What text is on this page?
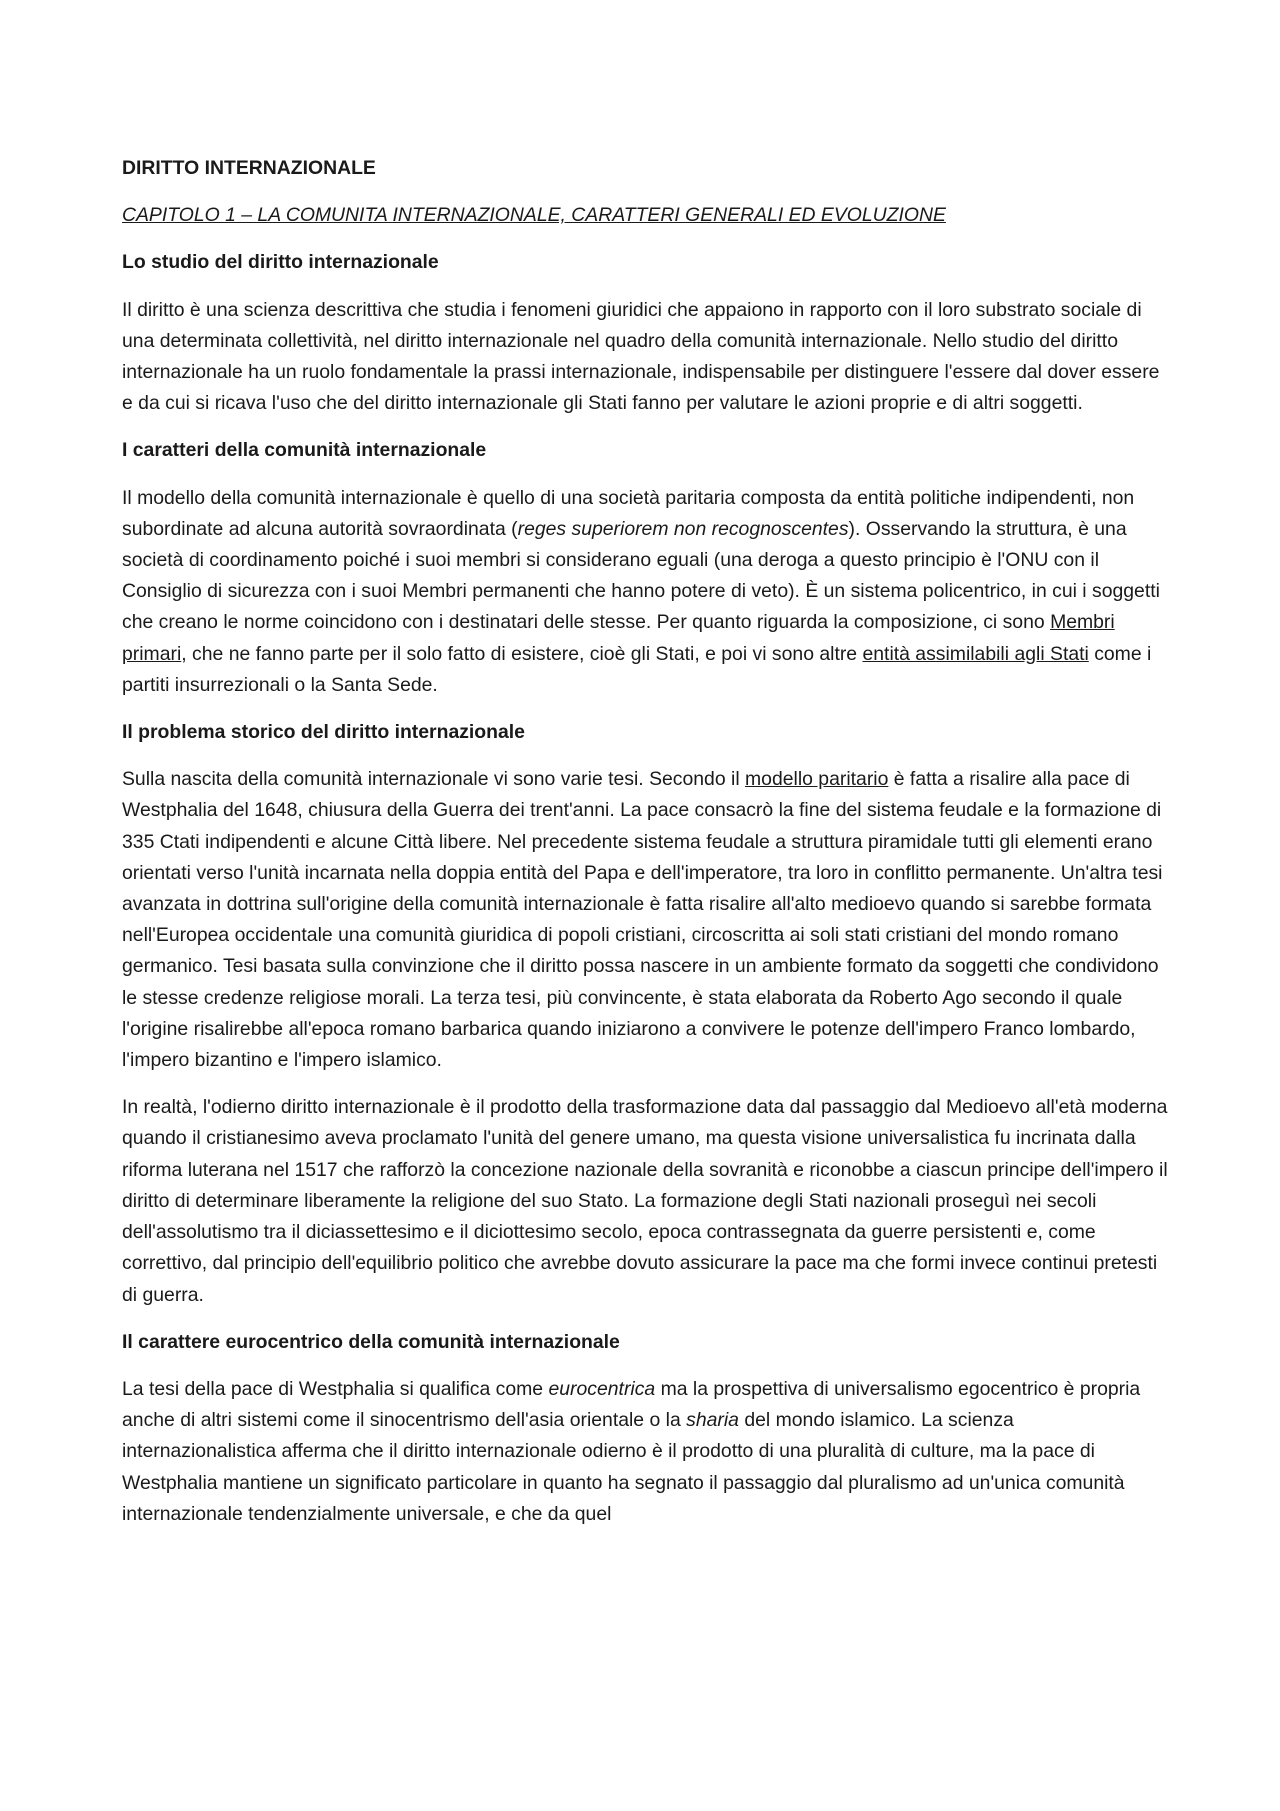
DIRITTO INTERNAZIONALE
CAPITOLO 1 – LA COMUNITA INTERNAZIONALE, CARATTERI GENERALI ED EVOLUZIONE
Lo studio del diritto internazionale

Il diritto è una scienza descrittiva che studia i fenomeni giuridici che appaiono in rapporto con il loro substrato sociale di una determinata collettività, nel diritto internazionale nel quadro della comunità internazionale. Nello studio del diritto internazionale ha un ruolo fondamentale la prassi internazionale, indispensabile per distinguere l'essere dal dover essere e da cui si ricava l'uso che del diritto internazionale gli Stati fanno per valutare le azioni proprie e di altri soggetti.

I caratteri della comunità internazionale

Il modello della comunità internazionale è quello di una società paritaria composta da entità politiche indipendenti, non subordinate ad alcuna autorità sovraordinata (reges superiorem non recognoscentes). Osservando la struttura, è una società di coordinamento poiché i suoi membri si considerano eguali (una deroga a questo principio è l'ONU con il Consiglio di sicurezza con i suoi Membri permanenti che hanno potere di veto). È un sistema policentrico, in cui i soggetti che creano le norme coincidono con i destinatari delle stesse. Per quanto riguarda la composizione, ci sono Membri primari, che ne fanno parte per il solo fatto di esistere, cioè gli Stati, e poi vi sono altre entità assimilabili agli Stati come i partiti insurrezionali o la Santa Sede.

Il problema storico del diritto internazionale

Sulla nascita della comunità internazionale vi sono varie tesi. Secondo il modello paritario è fatta a risalire alla pace di Westphalia del 1648, chiusura della Guerra dei trent'anni. La pace consacrò la fine del sistema feudale e la formazione di 335 Ctati indipendenti e alcune Città libere. Nel precedente sistema feudale a struttura piramidale tutti gli elementi erano orientati verso l'unità incarnata nella doppia entità del Papa e dell'imperatore, tra loro in conflitto permanente. Un'altra tesi avanzata in dottrina sull'origine della comunità internazionale è fatta risalire all'alto medioevo quando si sarebbe formata nell'Europea occidentale una comunità giuridica di popoli cristiani, circoscritta ai soli stati cristiani del mondo romano germanico. Tesi basata sulla convinzione che il diritto possa nascere in un ambiente formato da soggetti che condividono le stesse credenze religiose morali. La terza tesi, più convincente, è stata elaborata da Roberto Ago secondo il quale l'origine risalirebbe all'epoca romano barbarica quando iniziarono a convivere le potenze dell'impero Franco lombardo, l'impero bizantino e l'impero islamico.

In realtà, l'odierno diritto internazionale è il prodotto della trasformazione data dal passaggio dal Medioevo all'età moderna quando il cristianesimo aveva proclamato l'unità del genere umano, ma questa visione universalistica fu incrinata dalla riforma luterana nel 1517 che rafforzò la concezione nazionale della sovranità e riconobbe a ciascun principe dell'impero il diritto di determinare liberamente la religione del suo Stato. La formazione degli Stati nazionali proseguì nei secoli dell'assolutismo tra il diciassettesimo e il diciottesimo secolo, epoca contrassegnata da guerre persistenti e, come correttivo, dal principio dell'equilibrio politico che avrebbe dovuto assicurare la pace ma che formi invece continui pretesti di guerra.

Il carattere eurocentrico della comunità internazionale

La tesi della pace di Westphalia si qualifica come eurocentrica ma la prospettiva di universalismo egocentrico è propria anche di altri sistemi come il sinocentrismo dell'asia orientale o la sharia del mondo islamico. La scienza internazionalistica afferma che il diritto internazionale odierno è il prodotto di una pluralità di culture, ma la pace di Westphalia mantiene un significato particolare in quanto ha segnato il passaggio dal pluralismo ad un'unica comunità internazionale tendenzialmente universale, e che da quel
